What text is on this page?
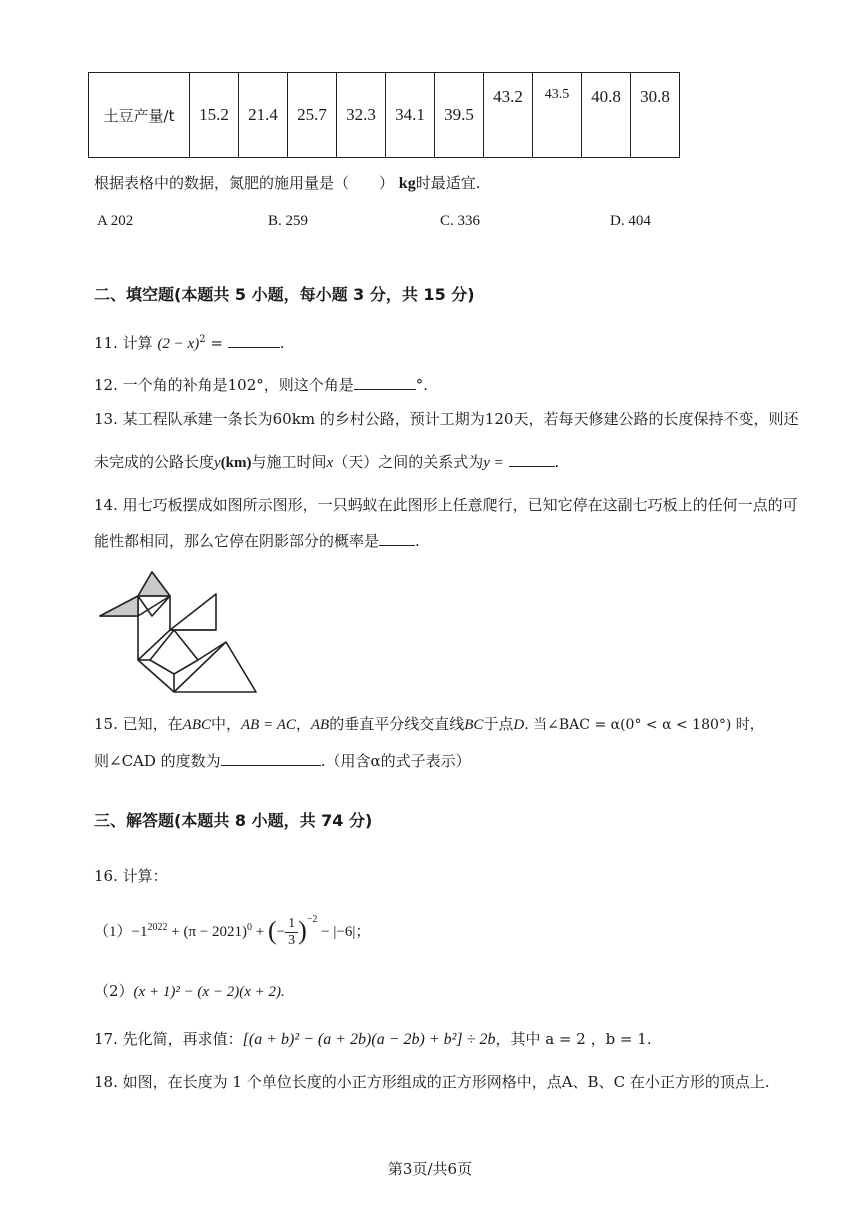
土豆产量/t	15.2	21.4	25.7	32.3	34.1	39.5	43.2	43.5	40.8	30.8
根据表格中的数据，氮肥的施用量是（　　） kg时最适宜.
A 202	B. 259	C. 336	D. 404
二、填空题(本题共 5 小题，每小题 3 分，共 15 分)
11. 计算 $(2 - x)^2$ =	.
12. 一个角的补角是102°，则这个角是	°.
13. 某工程队承建一条长为60km 的乡村公路，预计工期为120天，若每天修建公路的长度保持不变，则还
未完成的公路长度y(km)与施工时间x（天）之间的关系式为y =	.
14. 用七巧板摆成如图所示图形，一只蚂蚁在此图形上任意爬行，已知它停在这副七巧板上的任何一点的可
能性都相同，那么它停在阴影部分的概率是 .
15. 已知，在ABC中，AB = AC，AB的垂直平分线交直线BC于点D. 当∠BAC = α(0° < α < 180°) 时，
则∠CAD 的度数为	.（用含α的式子表示）
三、解答题(本题共 8 小题，共 74 分)
16. 计算：
$(1)-1^{2022} + (\pi - 2021)^0$ + (− $\frac{1}{3} )^{-2} - |-6|$；
（2）(x + 1)² − (x − 2)(x + 2).
17. 先化简，再求值：[(a + b)² − (a + 2b)(a − 2b) + b²] ÷ 2b，其中 a = 2 ，b = 1.
18. 如图，在长度为 1 个单位长度的小正方形组成的正方形网格中，点A、B、C 在小正方形的顶点上.
第3页/共6页
